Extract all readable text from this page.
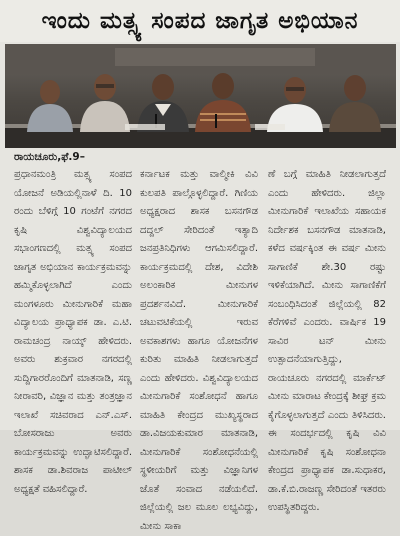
ಇಂದು ಮತ್ಸ್ಯ ಸಂಪದ ಜಾಗೃತ ಅಭಿಯಾನ
ರಾಯಚೂರು,ಫೆ.9–

ಪ್ರಧಾನಮಂತ್ರಿ ಮತ್ಸ್ಯ ಸಂಪದ ಯೋಜನೆ ಅಡಿಯಲ್ಲಿನಾಳೆ ದಿ. 10 ರಂದು ಬೆಳಿಗ್ಗೆ 10 ಗಂಟೆಗೆ ನಗರದ ಕೃಷಿ ವಿಶ್ವವಿದ್ಯಾಲಯದ ಸಭಾಂಗಣದಲ್ಲಿ ಮತ್ಸ್ಯ ಸಂಪದ ಜಾಗೃತ ಅಭಿಯಾನ ಕಾರ್ಯಕ್ರಮವನ್ನು ಹಮ್ಮಿಕೊಳ್ಳಲಾಗಿದೆ ಎಂದು ಮಂಗಳೂರು ಮೀನುಗಾರಿಕೆ ಮಹಾ ವಿದ್ಯಾಲಯ ಪ್ರಾಧ್ಯಾಪಕ ಡಾ. ಎ.ಟಿ. ರಾಮಚಂದ್ರ ನಾಯ್ಕ್ ಹೇಳಿದರು. ಅವರು ಶುಕ್ರವಾರ ನಗರದಲ್ಲಿ ಸುದ್ದಿಗಾರರೊಂದಿಗೆ ಮಾತನಾಡಿ, ಸಣ್ಣ ನೀರಾವರಿ, ವಿಜ್ಞಾನ ಮತ್ತು ತಂತ್ರಜ್ಞಾನ ಇಲಾಖೆ ಸಚಿವರಾದ ಎನ್.ಎಸ್. ಬೋಸರಾಜು ಅವರು ಕಾರ್ಯಕ್ರಮವನ್ನು ಉದ್ಘಾಟಿಸಲಿದ್ದಾರೆ. ಶಾಸಕ ಡಾ.ಶಿವರಾಜ ಪಾಟೀಲ್ ಅಧ್ಯಕ್ಷತೆ ವಹಿಸಲಿದ್ದಾರೆ.

ಕರ್ನಾಟಕ ಮತ್ತು ವಾಲ್ಮೀಕಿ ವಿವಿ ಕುಲಪತಿ ಪಾಲ್ಗೊಳ್ಳಲಿದ್ದಾರೆ. ಗಿಣಿಯ ಅಧ್ಯಕ್ಷರಾದ ಶಾಸಕ ಬಸನಗೌಡ ದದ್ದಲ್ ಸೇರಿದಂತೆ ಇತ್ಯಾದಿ ಜನಪ್ರತಿನಿಧಿಗಳು ಆಗಮಿಸಲಿದ್ದಾರೆ. ಕಾರ್ಯಕ್ರಮದಲ್ಲಿ ದೇಶ, ವಿದೇಶಿ ಅಲಂಕಾರಿಕ ಮೀನುಗಳ ಪ್ರದರ್ಶನವಿದೆ. ಮೀನುಗಾರಿಕೆ ಚಟುವಟಿಕೆಯಲ್ಲಿ ಇರುವ ಅವಕಾಶಗಳು ಹಾಗೂ ಯೋಜನೆಗಳ ಕುರಿತು ಮಾಹಿತಿ ನೀಡಲಾಗುತ್ತದೆ ಎಂದು ಹೇಳಿದರು. ವಿಶ್ವವಿದ್ಯಾಲಯದ ಮೀನುಗಾರಿಕೆ ಸಂಶೋಧನೆ ಹಾಗೂ ಮಾಹಿತಿ ಕೇಂದ್ರದ ಮುಖ್ಯಸ್ಥರಾದ ಡಾ.ವಿಜಯಕುಮಾರ ಮಾತನಾಡಿ, ಮೀನುಗಾರಿಕೆ ಸಂಶೋಧನೆಯಲ್ಲಿ ಸ್ಥಳೀಯರಿಗೆ ಮತ್ತು ವಿಜ್ಞಾನಿಗಳ ಜೊತೆ ಸಂವಾದ ನಡೆಯಲಿದೆ. ಜಿಲ್ಲೆಯಲ್ಲಿ ಜಲ ಮೂಲ ಲಭ್ಯವಿದ್ದು, ಮೀನು ಸಾಕಾ

ಣೆ ಬಗ್ಗೆ ಮಾಹಿತಿ ನೀಡಲಾಗುತ್ತದೆ ಎಂದು ಹೇಳಿದರು. ಜಿಲ್ಲಾ ಮೀನುಗಾರಿಕೆ ಇಲಾಖೆಯ ಸಹಾಯಕ ನಿರ್ದೇಶಕ ಬಸನಗೌಡ ಮಾತನಾಡಿ, ಕಳೆದ ವರ್ಷಕ್ಕಿಂತ ಈ ವರ್ಷ ಮೀನು ಸಾಗಾಣಿಕೆ ಶೇ.30 ರಷ್ಟು ಇಳಿಕೆಯಾಗಿದೆ. ಮೀನು ಸಾಗಾಣಿಕೆಗೆ ಸಂಬಂಧಿಸಿದಂತೆ ಜಿಲ್ಲೆಯಲ್ಲಿ 82 ಕೆರೆಗಳಿವೆ ಎಂದರು. ವಾರ್ಷಿಕ 19 ಸಾವಿರ ಟನ್ ಮೀನು ಉತ್ಪಾದನೆಯಾಗುತ್ತಿದ್ದು, ರಾಯಚೂರು ನಗರದಲ್ಲಿ ಮಾರ್ಕೆಟ್ ಮೀನು ಮಾರಾಟ ಕೇಂದ್ರಕ್ಕೆ ಶೀಘ್ರ ಕ್ರಮ ಕೈಗೊಳ್ಳಲಾಗುತ್ತದೆ ಎಂದು ತಿಳಿಸಿದರು. ಈ ಸಂದರ್ಭದಲ್ಲಿ ಕೃಷಿ ವಿವಿ ಮೀನುಗಾರಿಕೆ ಕೃಷಿ ಸಂಶೋಧನಾ ಕೇಂದ್ರದ ಪ್ರಾಧ್ಯಾಪಕ ಡಾ.ಸುಧಾಕರ, ಡಾ.ಕೆ.ಬಿ.ರಾಜಣ್ಣ ಸೇರಿದಂತೆ ಇತರರು ಉಪಸ್ಥಿತರಿದ್ದರು.
